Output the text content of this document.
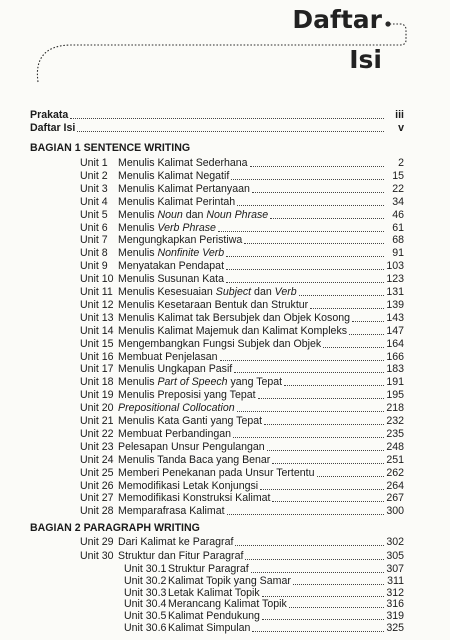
Daftar Isi
Prakata	iii
Daftar Isi	v
BAGIAN 1 SENTENCE WRITING
Unit 1 Menulis Kalimat Sederhana	2
Unit 2 Menulis Kalimat Negatif	15
Unit 3 Menulis Kalimat Pertanyaan	22
Unit 4 Menulis Kalimat Perintah	34
Unit 5 Menulis Noun dan Noun Phrase	46
Unit 6 Menulis Verb Phrase	61
Unit 7 Mengungkapkan Peristiwa	68
Unit 8 Menulis Nonfinite Verb	91
Unit 9 Menyatakan Pendapat	103
Unit 10 Menulis Susunan Kata	123
Unit 11 Menulis Kesesuaian Subject dan Verb	131
Unit 12 Menulis Kesetaraan Bentuk dan Struktur	139
Unit 13 Menulis Kalimat tak Bersubjek dan Objek Kosong	143
Unit 14 Menulis Kalimat Majemuk dan Kalimat Kompleks	147
Unit 15 Mengembangkan Fungsi Subjek dan Objek	164
Unit 16 Membuat Penjelasan	166
Unit 17 Menulis Ungkapan Pasif	183
Unit 18 Menulis Part of Speech yang Tepat	191
Unit 19 Menulis Preposisi yang Tepat	195
Unit 20 Prepositional Collocation	218
Unit 21 Menulis Kata Ganti yang Tepat	232
Unit 22 Membuat Perbandingan	235
Unit 23 Pelesapan Unsur Pengulangan	248
Unit 24 Menulis Tanda Baca yang Benar	251
Unit 25 Memberi Penekanan pada Unsur Tertentu	262
Unit 26 Memodifikasi Letak Konjungsi	264
Unit 27 Memodifikasi Konstruksi Kalimat	267
Unit 28 Memparafrasa Kalimat	300
BAGIAN 2 PARAGRAPH WRITING
Unit 29 Dari Kalimat ke Paragraf	302
Unit 30 Struktur dan Fitur Paragraf	305
Unit 30.1 Struktur Paragraf	307
Unit 30.2 Kalimat Topik yang Samar	311
Unit 30.3 Letak Kalimat Topik	312
Unit 30.4 Merancang Kalimat Topik	316
Unit 30.5 Kalimat Pendukung	319
Unit 30.6 Kalimat Simpulan	325
